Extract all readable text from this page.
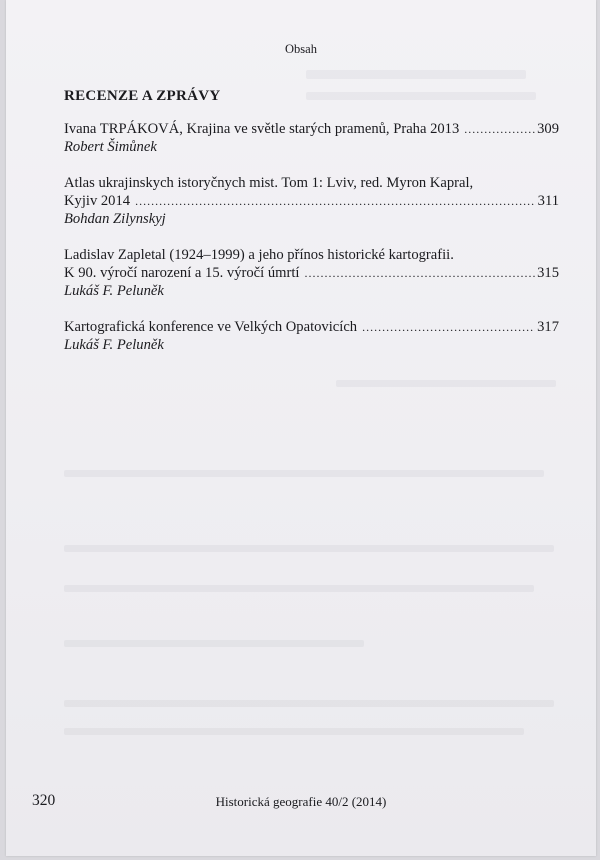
Obsah
RECENZE A ZPRÁVY
Ivana TRPÁKOVÁ, Krajina ve světle starých pramenů, Praha 2013 .....	309
Robert Šimůnek
Atlas ukrajinskych istoryčnych mist. Tom 1: Lviv, red. Myron Kapral,
Kyjiv 2014 .....	311
Bohdan Zilynskyj
Ladislav Zapletal (1924–1999) a jeho přínos historické kartografii.
K 90. výročí narození a 15. výročí úmrtí .....	315
Lukáš F. Peluněk
Kartografická konference ve Velkých Opatovicích .....	317
Lukáš F. Peluněk
320	Historická geografie 40/2 (2014)
